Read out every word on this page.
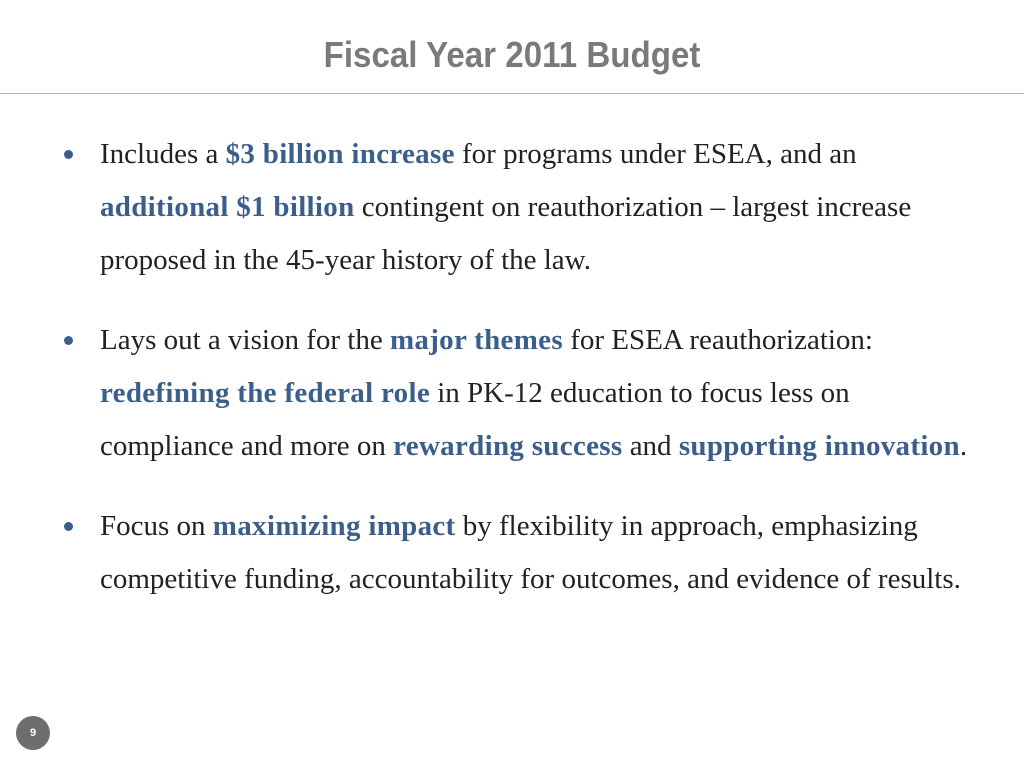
Fiscal Year 2011 Budget
Includes a $3 billion increase for programs under ESEA, and an additional $1 billion contingent on reauthorization – largest increase proposed in the 45-year history of the law.
Lays out a vision for the major themes for ESEA reauthorization: redefining the federal role in PK-12 education to focus less on compliance and more on rewarding success and supporting innovation.
Focus on maximizing impact by flexibility in approach, emphasizing competitive funding, accountability for outcomes, and evidence of results.
9
